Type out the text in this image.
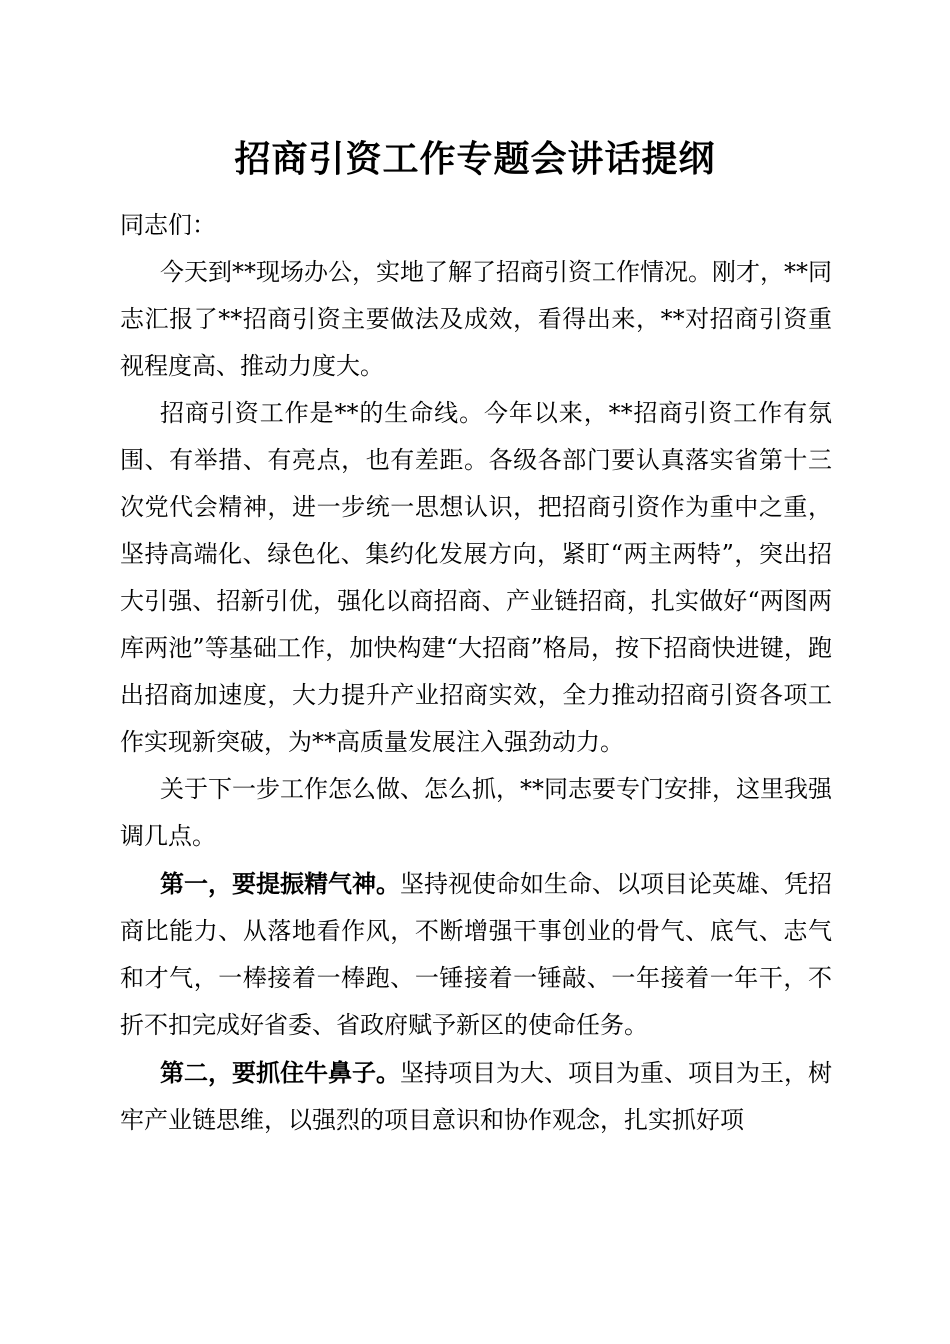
招商引资工作专题会讲话提纲

同志们：

今天到**现场办公，实地了解了招商引资工作情况。刚才，**同志汇报了**招商引资主要做法及成效，看得出来，**对招商引资重视程度高、推动力度大。

招商引资工作是**的生命线。今年以来，**招商引资工作有氛围、有举措、有亮点，也有差距。各级各部门要认真落实省第十三次党代会精神，进一步统一思想认识，把招商引资作为重中之重，坚持高端化、绿色化、集约化发展方向，紧盯“两主两特”，突出招大引强、招新引优，强化以商招商、产业链招商，扎实做好“两图两库两池”等基础工作，加快构建“大招商”格局，按下招商快进键，跑出招商加速度，大力提升产业招商实效，全力推动招商引资各项工作实现新突破，为**高质量发展注入强劲动力。

关于下一步工作怎么做、怎么抓，**同志要专门安排，这里我强调几点。

第一，要提振精气神。坚持视使命如生命、以项目论英雄、凭招商比能力、从落地看作风，不断增强干事创业的骨气、底气、志气和才气，一棒接着一棒跑、一锤接着一锤敲、一年接着一年干，不折不扣完成好省委、省政府赋予新区的使命任务。

第二，要抓住牛鼻子。坚持项目为大、项目为重、项目为王，树牢产业链思维，以强烈的项目意识和协作观念，扎实抓好项
